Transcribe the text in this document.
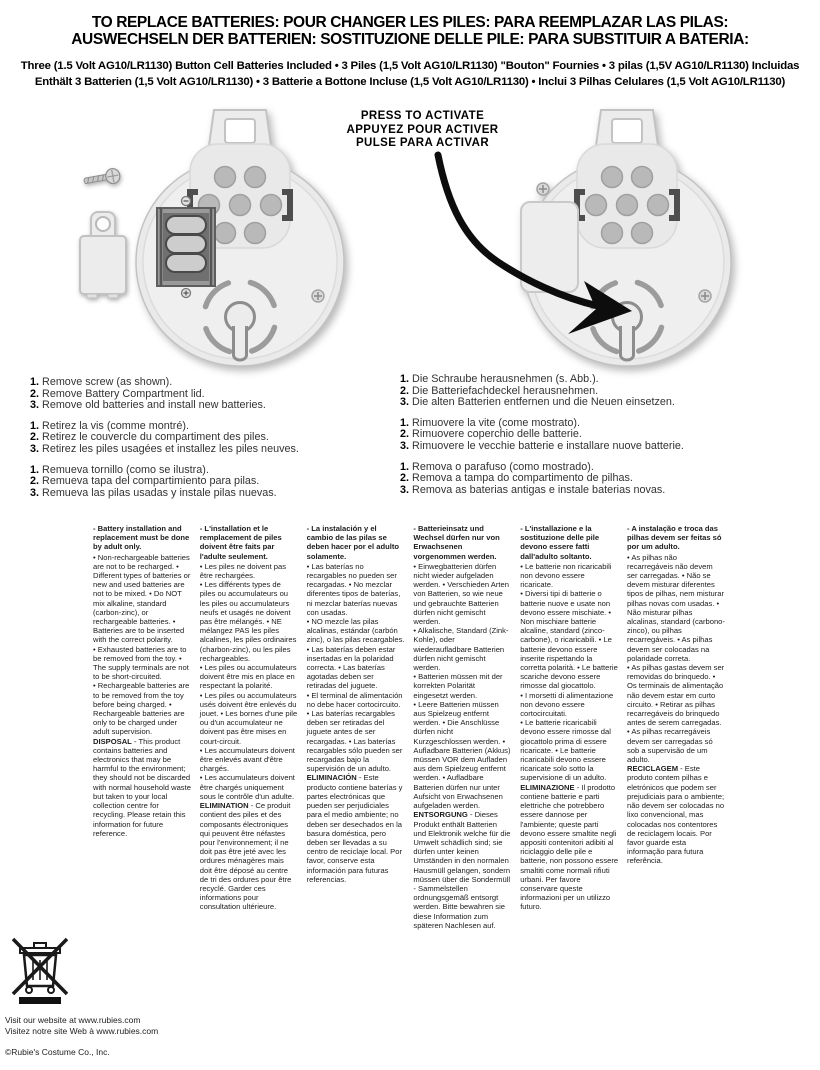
TO REPLACE BATTERIES: POUR CHANGER LES PILES: PARA REEMPLAZAR LAS PILAS:
AUSWECHSELN DER BATTERIEN: SOSTITUZIONE DELLE PILE: PARA SUBSTITUIR A BATERIA:
Three (1.5 Volt AG10/LR1130) Button Cell Batteries Included • 3 Piles (1,5 Volt AG10/LR1130) "Bouton" Fournies • 3 pilas (1,5V AG10/LR1130) Incluidas
Enthält 3 Batterien (1,5 Volt AG10/LR1130) • 3 Batterie a Bottone Incluse (1,5 Volt AG10/LR1130) • Inclui 3 Pilhas Celulares (1,5 Volt AG10/LR1130)
PRESS TO ACTIVATE
APPUYEZ POUR ACTIVER
PULSE PARA ACTIVAR
1. Remove screw (as shown).
2. Remove Battery Compartment lid.
3. Remove old batteries and install new batteries.
1. Retirez la vis (comme montré).
2. Retirez le couvercle du compartiment des piles.
3. Retirez les piles usagées et installez les piles neuves.
1. Remueva tornillo (como se ilustra).
2. Remueva tapa del compartimiento para pilas.
3. Remueva las pilas usadas y instale pilas nuevas.
1. Die Schraube herausnehmen (s. Abb.).
2. Die Batteriefachdeckel herausnehmen.
3. Die alten Batterien entfernen und die Neuen einsetzen.
1. Rimuovere la vite (come mostrato).
2. Rimuovere coperchio delle batterie.
3. Rimuovere le vecchie batterie e installare nuove batterie.
1. Remova o parafuso (como mostrado).
2. Remova a tampa do compartimento de pilhas.
3. Remova as baterias antigas e instale baterias novas.
- Battery installation and replacement must be done by adult only.
• Non-rechargeable batteries are not to be recharged. • Different types of batteries or new and used batteries are not to be mixed. • Do NOT mix alkaline, standard (carbon-zinc), or rechargeable batteries. • Batteries are to be inserted with the correct polarity.
• Exhausted batteries are to be removed from the toy. • The supply terminals are not to be short-circuited.
• Rechargeable batteries are to be removed from the toy before being charged. • Rechargeable batteries are only to be charged under adult supervision.
DISPOSAL - This product contains batteries and electronics that may be harmful to the environment; they should not be discarded with normal household waste but taken to your local collection centre for recycling. Please retain this information for future reference.
- L'installation et le remplacement de piles doivent être faits par l'adulte seulement.
• Les piles ne doivent pas être rechargées.
• Les différents types de piles ou accumulateurs ou les piles ou accumulateurs neufs et usagés ne doivent pas être mélangés. • NE mélangez PAS les piles alcalines, les piles ordinaires (charbon-zinc), ou les piles rechargeables.
• Les piles ou accumulateurs doivent être mis en place en respectant la polarité.
• Les piles ou accumulateurs usés doivent être enlevés du jouet. • Les bornes d'une pile ou d'un accumulateur ne doivent pas être mises en court-circuit.
• Les accumulateurs doivent être enlevés avant d'être chargés.
• Les accumulateurs doivent être chargés uniquement sous le contrôle d'un adulte.
ELIMINATION - Ce produit contient des piles et des composants électroniques qui peuvent être néfastes pour l'environnement; il ne doit pas être jeté avec les ordures ménagères mais doit être déposé au centre de tri des ordures pour être recyclé. Garder ces informations pour consultation ultérieure.
- La instalación y el cambio de las pilas se deben hacer por el adulto solamente.
• Las baterías no recargables no pueden ser recargadas. • No mezclar diferentes tipos de baterías, ni mezclar baterías nuevas con usadas.
• NO mezcle las pilas alcalinas, estándar (carbón zinc), o las pilas recargables. • Las baterías deben estar insertadas en la polaridad correcta. • Las baterías agotadas deben ser retiradas del juguete.
• El terminal de alimentación no debe hacer cortocircuito. • Las baterías recargables deben ser retiradas del juguete antes de ser recargadas. • Las baterías recargables sólo pueden ser recargadas bajo la supervisión de un adulto.
ELIMINACIÓN - Este producto contiene baterías y partes electrónicas que pueden ser perjudiciales para el medio ambiente; no deben ser desechados en la basura doméstica, pero deben ser llevadas a su centro de reciclaje local. Por favor, conserve esta información para futuras referencias.
- Batterieinsatz und Wechsel dürfen nur von Erwachsenen vorgenommen werden.
• Einwegbatterien dürfen nicht wieder aufgeladen werden. • Verschieden Arten von Batterien, so wie neue und gebrauchte Batterien dürfen nicht gemischt werden.
• Alkalische, Standard (Zink-Kohle), oder wiederaufladbare Batterien dürfen nicht gemischt werden.
• Batterien müssen mit der korrekten Polarität eingesetzt werden.
• Leere Batterien müssen aus Spielzeug entfernt werden. • Die Anschlüsse dürfen nicht Kurzgeschlossen werden. • Aufladbare Batterien (Akkus) müssen VOR dem Aufladen aus dem Spielzeug entfernt werden. • Aufladbare Batterien dürfen nur unter Aufsicht von Erwachsenen aufgeladen werden.
ENTSORGUNG - Dieses Produkt enthält Batterien und Elektronik welche für die Umwelt schädlich sind; sie dürfen unter keinen Umständen in den normalen Hausmüll gelangen, sondern müssen über die Sondermüll - Sammelstellen ordnungsgemäß entsorgt werden. Bitte bewahren sie diese Information zum späteren Nachlesen auf.
- L'installazione e la sostituzione delle pile devono essere fatti dall'adulto soltanto.
• Le batterie non ricaricabili non devono essere ricaricate.
• Diversi tipi di batterie o batterie nuove e usate non devono essere mischiate. • Non mischiare batterie alcaline, standard (zinco-carbone), o ricaricabili. • Le batterie devono essere inserite rispettando la corretta polarità. • Le batterie scariche devono essere rimosse dal giocattolo.
• I morsetti di alimentazione non devono essere cortocircuitati.
• Le batterie ricaricabili devono essere rimosse dal giocattolo prima di essere ricaricate. • Le batterie ricaricabili devono essere ricaricate solo sotto la supervisione di un adulto.
ELIMINAZIONE - Il prodotto contiene batterie e parti elettriche che potrebbero essere dannose per l'ambiente; queste parti devono essere smaltite negli appositi contenitori adibiti al riciclaggio delle pile e batterie, non possono essere smaltiti come normali rifiuti urbani. Per favore conservare queste informazioni per un utilizzo futuro.
- A instalação e troca das pilhas devem ser feitas só por um adulto.
• As pilhas não recarregáveis não devem ser carregadas. • Não se devem misturar diferentes tipos de pilhas, nem misturar pilhas novas com usadas. • Não misturar pilhas alcalinas, standard (carbono-zinco), ou pilhas recarregáveis. • As pilhas devem ser colocadas na polaridade correta.
• As pilhas gastas devem ser removidas do brinquedo. • Os terminais de alimentação não devem estar em curto circuito. • Retirar as pilhas recarregáveis do brinquedo antes de serem carregadas. • As pilhas recarregáveis devem ser carregadas só sob a supervisão de um adulto.
RECICLAGEM - Este produto contem pilhas e eletrónicos que podem ser prejudiciais para o ambiente; não devem ser colocadas no lixo convencional, mas colocadas nos contentores de reciclagem locais. Por favor guarde esta informação para futura referência.
Visit our website at www.rubies.com
Visitez notre site Web à www.rubies.com
©Rubie's Costume Co., Inc.
